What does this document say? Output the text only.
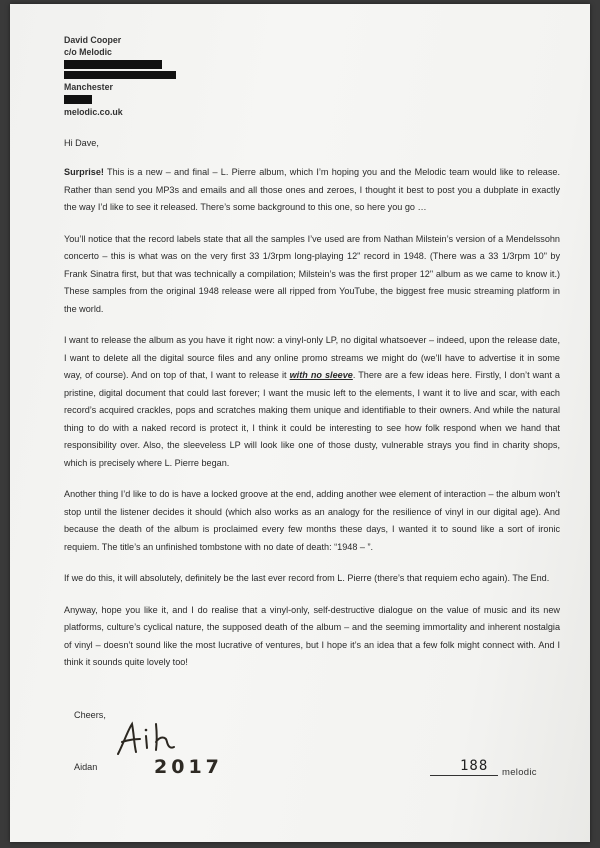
David Cooper
c/o Melodic
Manchester
melodic.co.uk
Hi Dave,

Surprise! This is a new – and final – L. Pierre album, which I’m hoping you and the Melodic team would like to release. Rather than send you MP3s and emails and all those ones and zeroes, I thought it best to post you a dubplate in exactly the way I’d like to see it released. There’s some background to this one, so here you go …

You’ll notice that the record labels state that all the samples I’ve used are from Nathan Milstein’s version of a Mendelssohn concerto – this is what was on the very first 33 1/3rpm long-playing 12" record in 1948. (There was a 33 1/3rpm 10" by Frank Sinatra first, but that was technically a compilation; Milstein’s was the first proper 12" album as we came to know it.) These samples from the original 1948 release were all ripped from YouTube, the biggest free music streaming platform in the world.

I want to release the album as you have it right now: a vinyl-only LP, no digital whatsoever – indeed, upon the release date, I want to delete all the digital source files and any online promo streams we might do (we’ll have to advertise it in some way, of course). And on top of that, I want to release it with no sleeve. There are a few ideas here. Firstly, I don’t want a pristine, digital document that could last forever; I want the music left to the elements, I want it to live and scar, with each record’s acquired crackles, pops and scratches making them unique and identifiable to their owners. And while the natural thing to do with a naked record is protect it, I think it could be interesting to see how folk respond when we hand that responsibility over. Also, the sleeveless LP will look like one of those dusty, vulnerable strays you find in charity shops, which is precisely where L. Pierre began.

Another thing I’d like to do is have a locked groove at the end, adding another wee element of interaction – the album won’t stop until the listener decides it should (which also works as an analogy for the resilience of vinyl in our digital age). And because the death of the album is proclaimed every few months these days, I wanted it to sound like a sort of ironic requiem. The title’s an unfinished tombstone with no date of death: “1948 – ”.

If we do this, it will absolutely, definitely be the last ever record from L. Pierre (there’s that requiem echo again). The End.

Anyway, hope you like it, and I do realise that a vinyl-only, self-destructive dialogue on the value of music and its new platforms, culture’s cyclical nature, the supposed death of the album – and the seeming immortality and inherent nostalgia of vinyl – doesn’t sound like the most lucrative of ventures, but I hope it’s an idea that a few folk might connect with. And I think it sounds quite lovely too!

Cheers,
Aidan	2017	188 melodic
